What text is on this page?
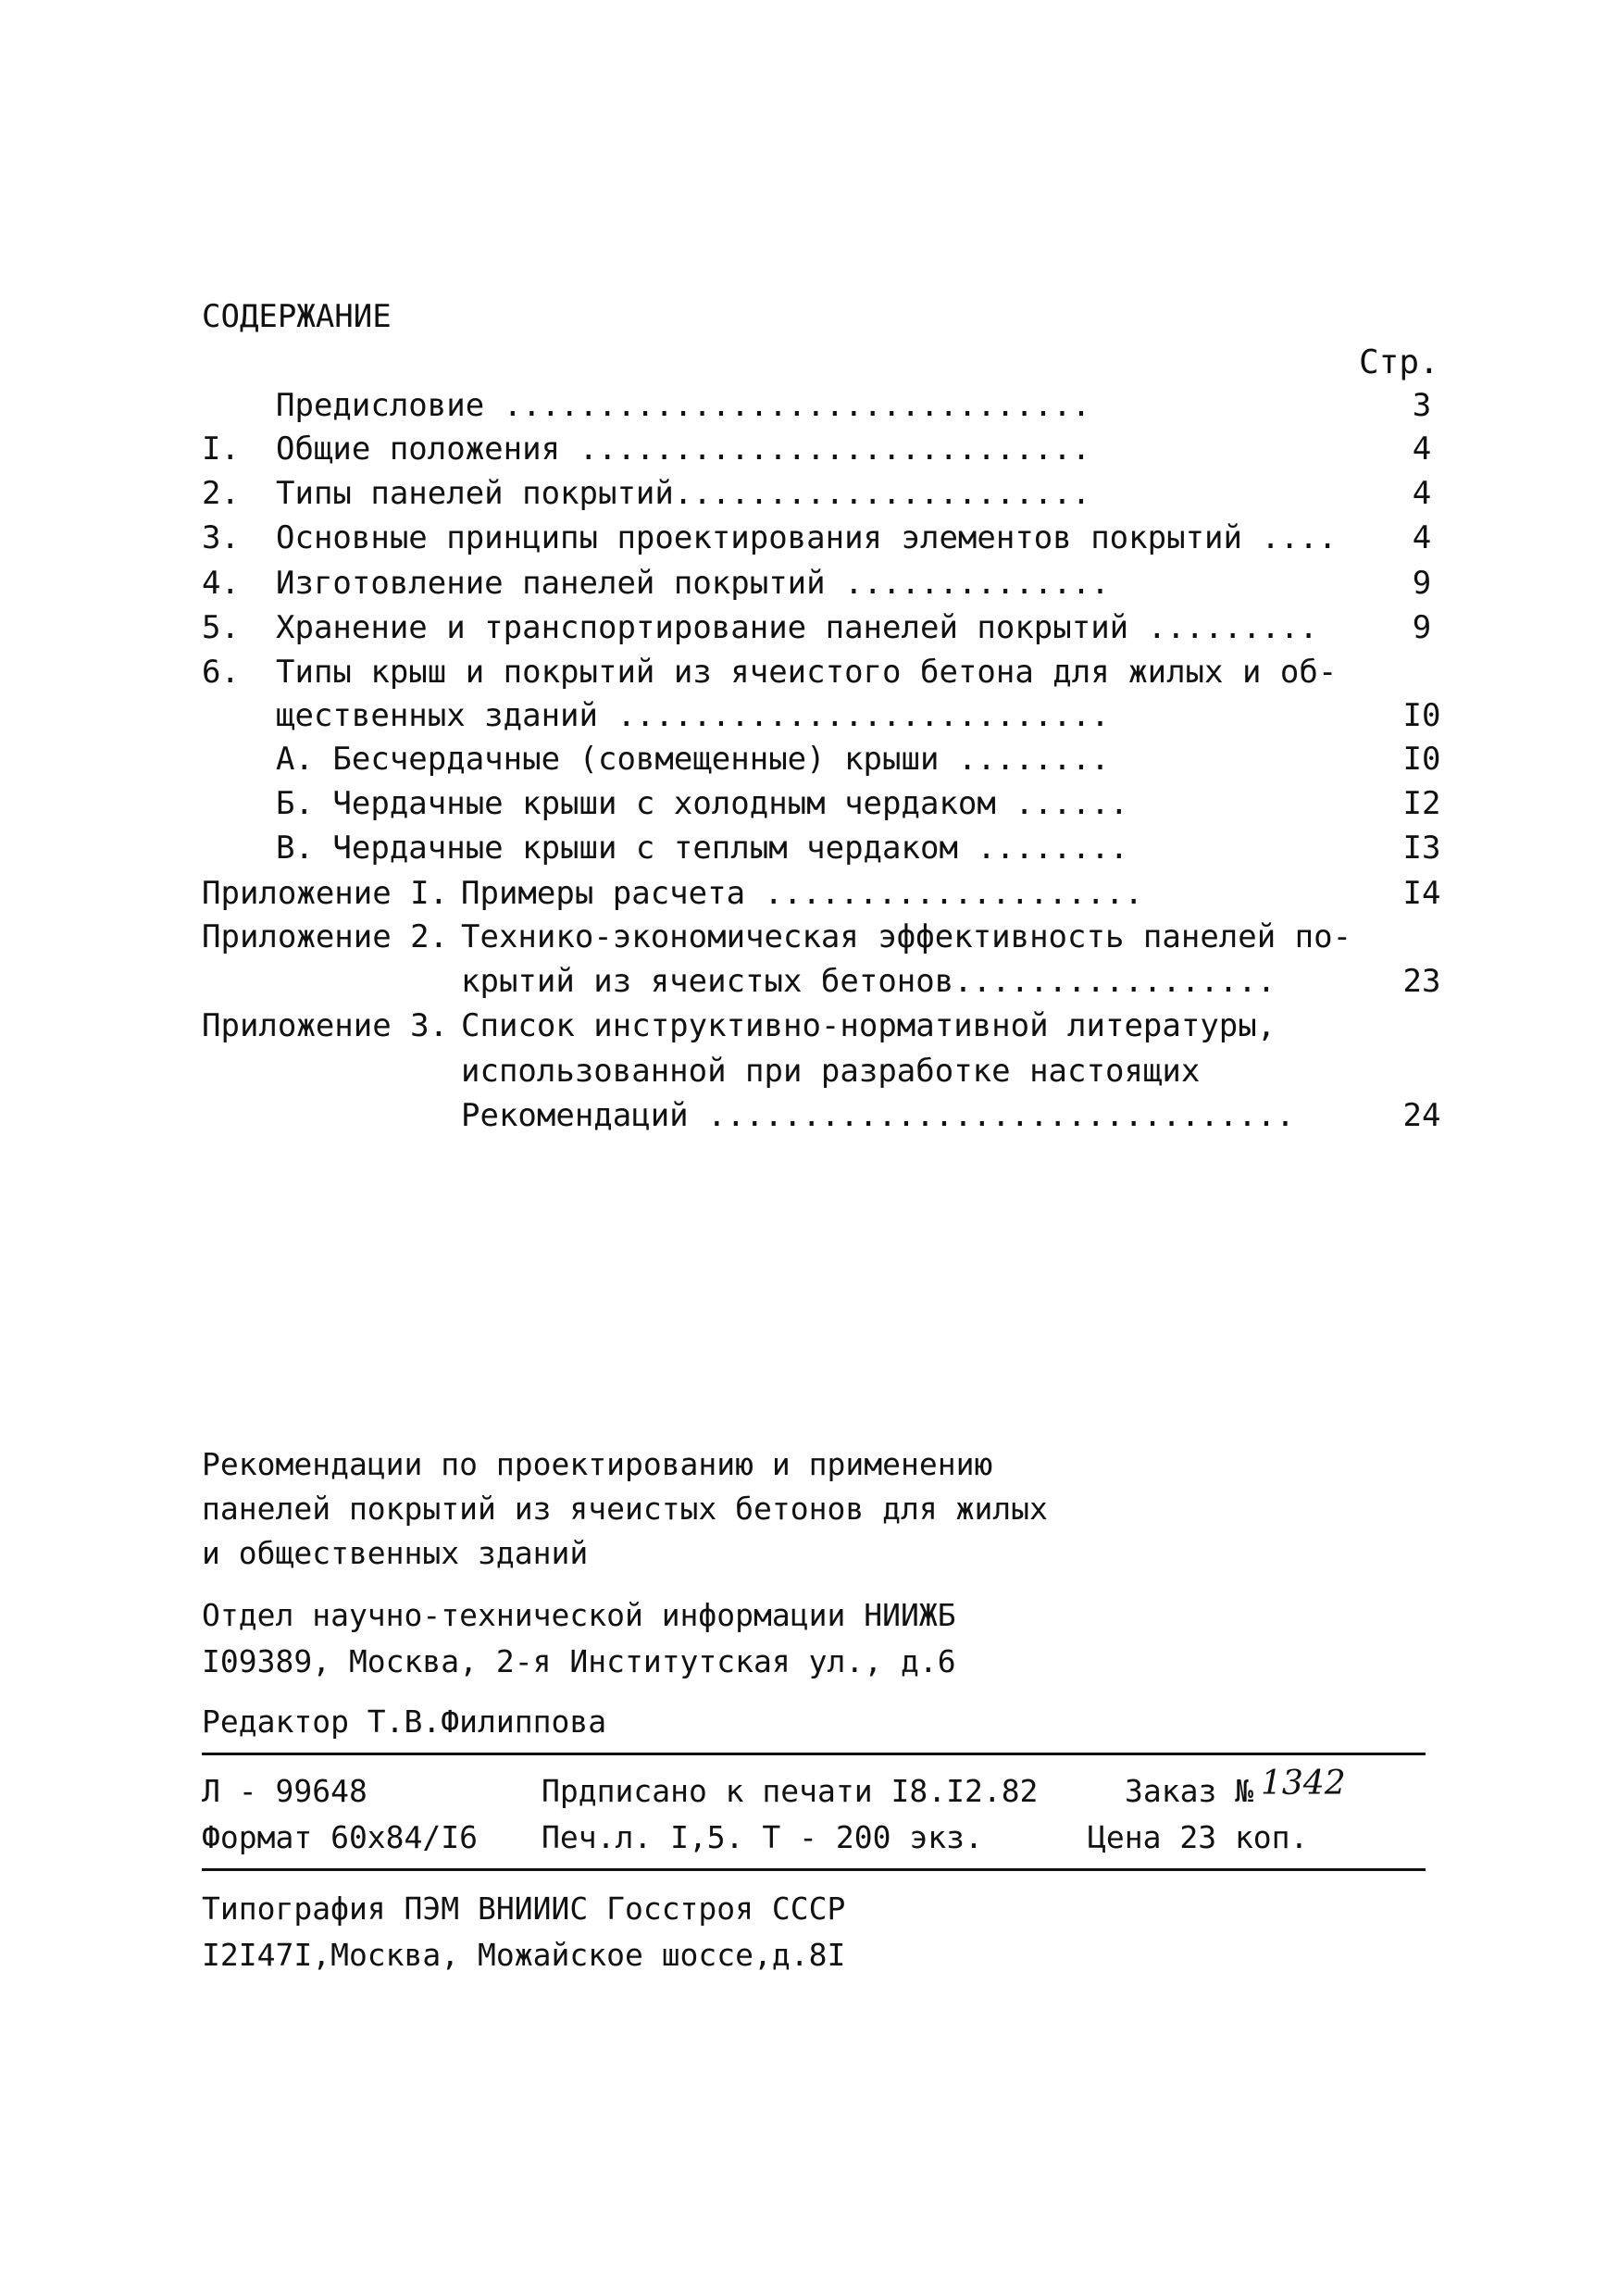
СОДЕРЖАНИЕ
Стр.
Предисловие ...............................	3
I. Общие положения ...........................	4
2. Типы панелей покрытий......................	4
3. Основные принципы проектирования элементов покрытий ....	4
4. Изготовление панелей покрытий ..............	9
5. Хранение и транспортирование панелей покрытий .........	9
6. Типы крыш и покрытий из ячеистого бетона для жилых и об-
щественных зданий ..........................	I0
А. Бесчердачные (совмещенные) крыши ........	I0
Б. Чердачные крыши с холодным чердаком ......	I2
В. Чердачные крыши с теплым чердаком ........	I3
Приложение I. Примеры расчета ....................	I4
Приложение 2. Технико-экономическая эффективность панелей по-
крытий из ячеистых бетонов.................	23
Приложение 3. Список инструктивно-нормативной литературы,
использованной при разработке настоящих
Рекомендаций ...............................	24
Рекомендации по проектированию и применению
панелей покрытий из ячеистых бетонов для жилых
и общественных зданий
Отдел научно-технической информации НИИЖБ
I09389, Москва, 2-я Институтская ул., д.6
Редактор Т.В.Филиппова
Л - 99648	Прдписано к печати I8.I2.82	Заказ № 1342
Формат 60х84/I6 Печ.л. I,5. Т - 200 экз.	Цена 23 коп.
Типография ПЭМ ВНИИИС Госстроя СССР
I2I47I,Москва, Можайское шоссе,д.8I
